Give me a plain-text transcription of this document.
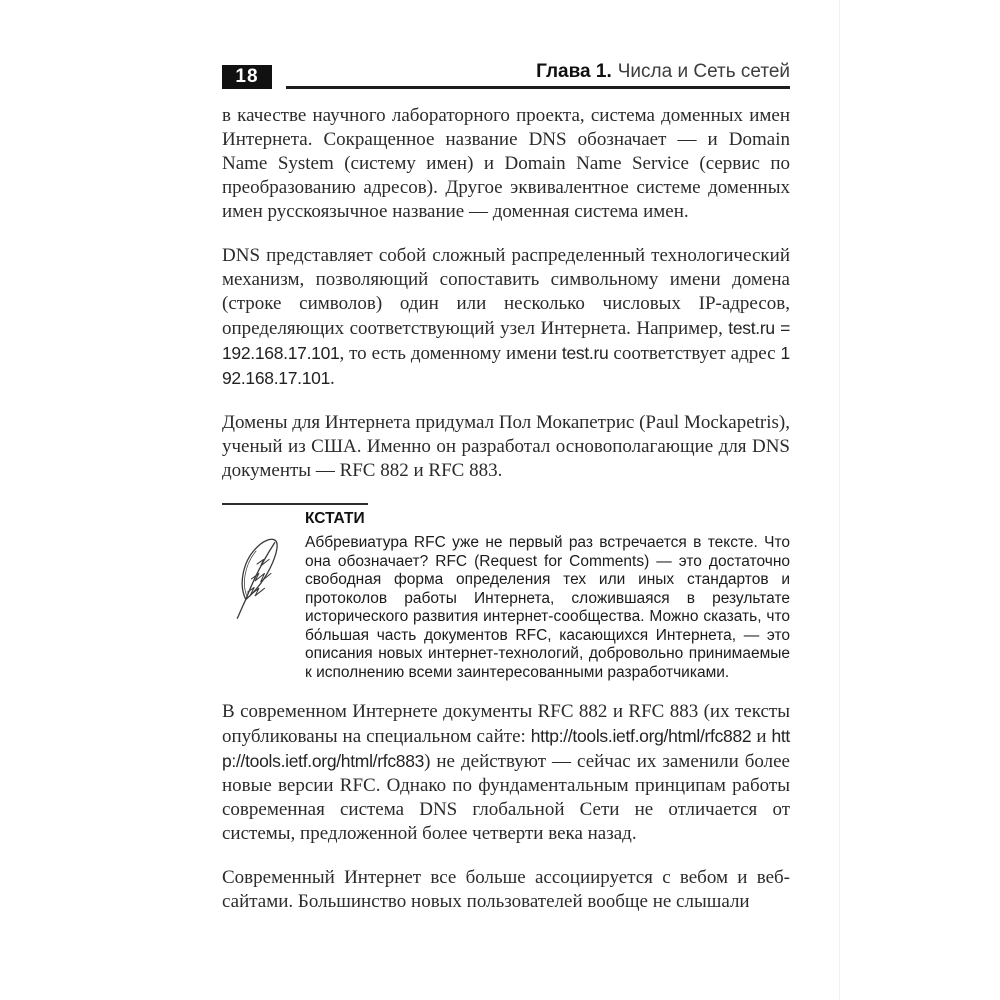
18	Глава 1. Числа и Сеть сетей

в качестве научного лабораторного проекта, система доменных имен Интернета. Сокращенное название DNS обозначает — и Domain Name System (систему имен) и Domain Name Service (сервис по преобразованию адресов). Другое эквивалентное системе доменных имен русскоязычное название — доменная система имен.

DNS представляет собой сложный распределенный технологический механизм, позволяющий сопоставить символьному имени домена (строке символов) один или несколько числовых IP-адресов, определяющих соответствующий узел Интернета. Например, test.ru = 192.168.17.101, то есть доменному имени test.ru соответствует адрес 192.168.17.101.

Домены для Интернета придумал Пол Мокапетрис (Paul Mockapetris), ученый из США. Именно он разработал основополагающие для DNS документы — RFC 882 и RFC 883.

КСТАТИ

Аббревиатура RFC уже не первый раз встречается в тексте. Что она обозначает? RFC (Request for Comments) — это достаточно свободная форма определения тех или иных стандартов и протоколов работы Интернета, сложившаяся в результате исторического развития интернет-сообщества. Можно сказать, что бо́льшая часть документов RFC, касающихся Интернета, — это описания новых интернет-технологий, добровольно принимаемые к исполнению всеми заинтересованными разработчиками.

В современном Интернете документы RFC 882 и RFC 883 (их тексты опубликованы на специальном сайте: http://tools.ietf.org/html/rfc882 и http://tools.ietf.org/html/rfc883) не действуют — сейчас их заменили более новые версии RFC. Однако по фундаментальным принципам работы современная система DNS глобальной Сети не отличается от системы, предложенной более четверти века назад.

Современный Интернет все больше ассоциируется с вебом и веб-сайтами. Большинство новых пользователей вообще не слышали
